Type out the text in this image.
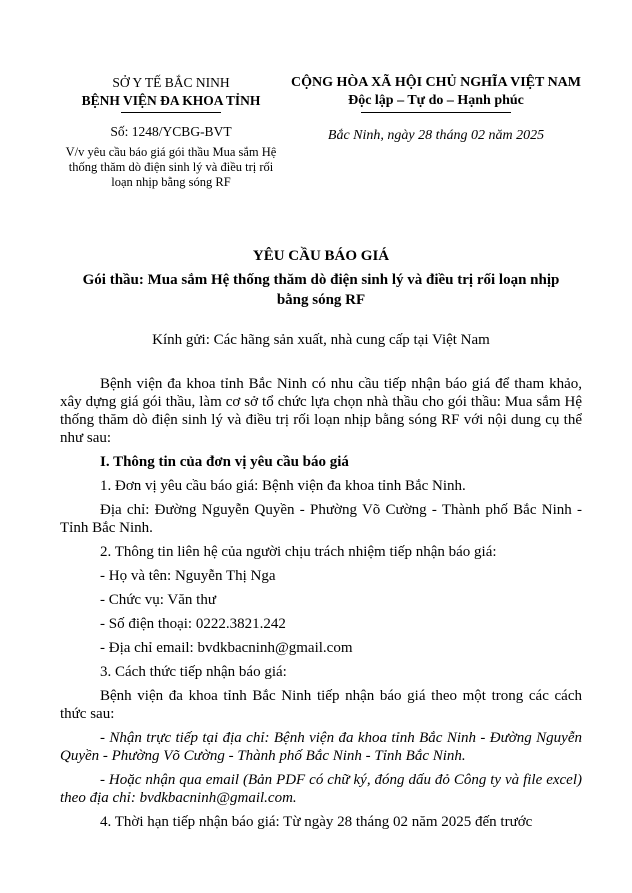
SỞ Y TẾ BẮC NINH
BỆNH VIỆN ĐA KHOA TỈNH
Số: 1248/YCBG-BVT
V/v yêu cầu báo giá gói thầu Mua sắm Hệ thống thăm dò điện sinh lý và điều trị rối loạn nhịp bằng sóng RF
CỘNG HÒA XÃ HỘI CHỦ NGHĨA VIỆT NAM
Độc lập – Tự do – Hạnh phúc
Bắc Ninh, ngày 28 tháng 02 năm 2025
YÊU CẦU BÁO GIÁ
Gói thầu: Mua sắm Hệ thống thăm dò điện sinh lý và điều trị rối loạn nhịp bằng sóng RF
Kính gửi: Các hãng sản xuất, nhà cung cấp tại Việt Nam

Bệnh viện đa khoa tỉnh Bắc Ninh có nhu cầu tiếp nhận báo giá để tham khảo, xây dựng giá gói thầu, làm cơ sở tổ chức lựa chọn nhà thầu cho gói thầu: Mua sắm Hệ thống thăm dò điện sinh lý và điều trị rối loạn nhịp bằng sóng RF với nội dung cụ thể như sau:

I. Thông tin của đơn vị yêu cầu báo giá

1. Đơn vị yêu cầu báo giá: Bệnh viện đa khoa tỉnh Bắc Ninh.

Địa chỉ: Đường Nguyễn Quyền - Phường Võ Cường - Thành phố Bắc Ninh - Tỉnh Bắc Ninh.

2. Thông tin liên hệ của người chịu trách nhiệm tiếp nhận báo giá:

- Họ và tên: Nguyễn Thị Nga

- Chức vụ: Văn thư

- Số điện thoại: 0222.3821.242

- Địa chỉ email: bvdkbacninh@gmail.com

3. Cách thức tiếp nhận báo giá:

Bệnh viện đa khoa tỉnh Bắc Ninh tiếp nhận báo giá theo một trong các cách thức sau:

- Nhận trực tiếp tại địa chỉ: Bệnh viện đa khoa tỉnh Bắc Ninh - Đường Nguyễn Quyền - Phường Võ Cường - Thành phố Bắc Ninh - Tỉnh Bắc Ninh.

- Hoặc nhận qua email (Bản PDF có chữ ký, đóng dấu đỏ Công ty và file excel) theo địa chỉ: bvdkbacninh@gmail.com.

4. Thời hạn tiếp nhận báo giá: Từ ngày 28 tháng 02 năm 2025 đến trước
